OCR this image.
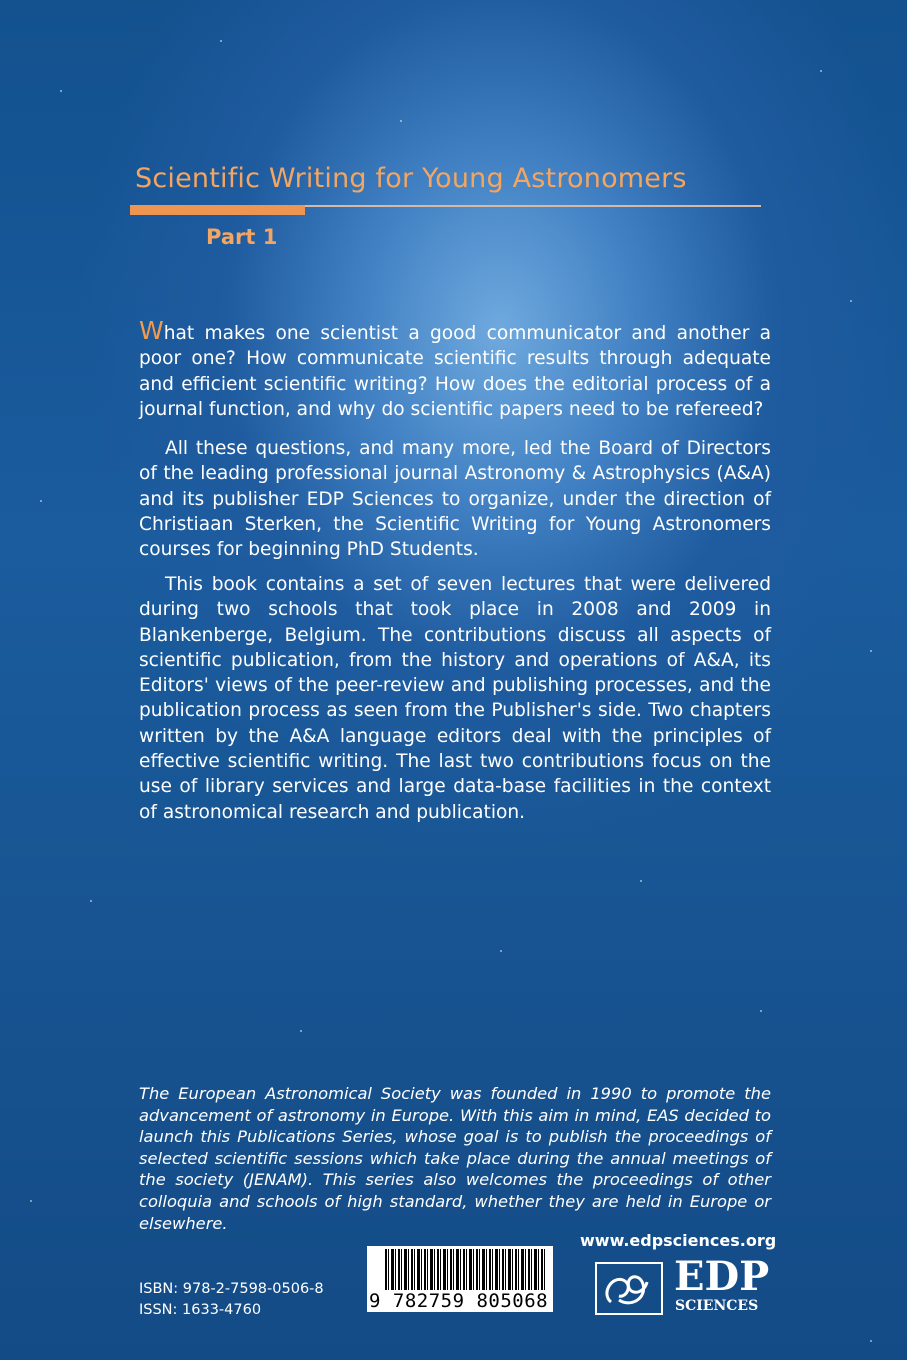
Scientific Writing for Young Astronomers
Part 1

What makes one scientist a good communicator and another a poor one? How communicate scientific results through adequate and efficient scientific writing? How does the editorial process of a journal function, and why do scientific papers need to be refereed?

All these questions, and many more, led the Board of Directors of the leading professional journal Astronomy & Astrophysics (A&A) and its publisher EDP Sciences to organize, under the direction of Christiaan Sterken, the Scientific Writing for Young Astronomers courses for beginning PhD Students.

This book contains a set of seven lectures that were delivered during two schools that took place in 2008 and 2009 in Blankenberge, Belgium. The contributions discuss all aspects of scientific publication, from the history and operations of A&A, its Editors' views of the peer-review and publishing processes, and the publication process as seen from the Publisher's side. Two chapters written by the A&A language editors deal with the principles of effective scientific writing. The last two contributions focus on the use of library services and large data-base facilities in the context of astronomical research and publication.

The European Astronomical Society was founded in 1990 to promote the advancement of astronomy in Europe. With this aim in mind, EAS decided to launch this Publications Series, whose goal is to publish the proceedings of selected scientific sessions which take place during the annual meetings of the society (JENAM). This series also welcomes the proceedings of other colloquia and schools of high standard, whether they are held in Europe or elsewhere.

ISBN: 978-2-7598-0506-8
ISSN: 1633-4760	9 782759 805068
www.edpsciences.org
EDP
SCIENCES
